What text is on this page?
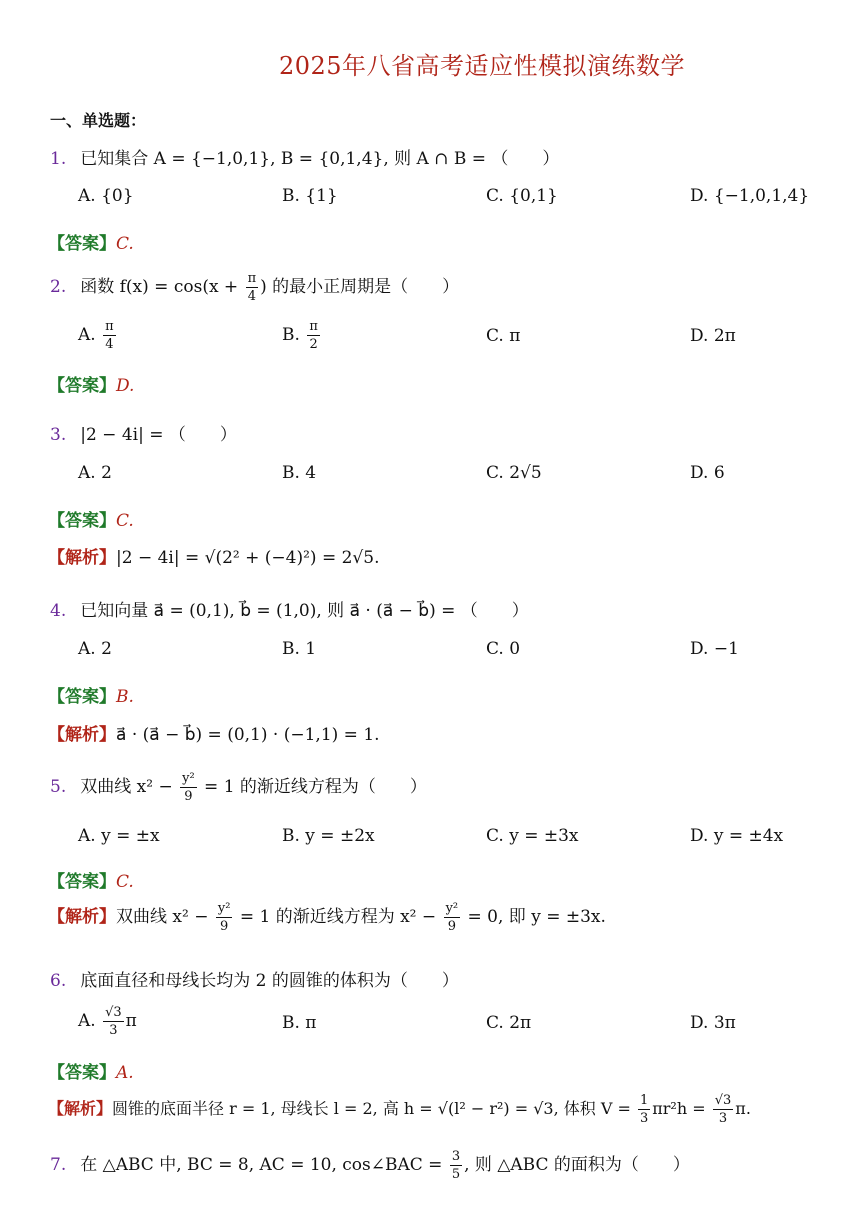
2025年八省高考适应性模拟演练数学
一、单选题：
1. 已知集合 A = {−1,0,1}, B = {0,1,4}, 则 A ∩ B = （　　）
A. {0}	B. {1}	C. {0,1}	D. {−1,0,1,4}
【答案】C.
2. 函数 $f(x) = \cos(x + \frac{\pi}{4}$ ) 的最小正周期是（　　）
A. $\frac{\pi}{4}$	B. $\frac{\pi}{2}$	C. π	D. 2π
【答案】D.
3. |2 − 4i| = （　　）
A. 2	B. 4	C. 2√5	D. 6
【答案】C.
【解析】|2 − 4i| = √(2² + (−4)²) = 2√5.
4. 已知向量 a⃗ = (0,1), b⃗ = (1,0), 则 a⃗ · (a⃗ − b⃗) = （　　）
A. 2	B. 1	C. 0	D. −1
【答案】B.
【解析】a⃗ · (a⃗ − b⃗) = (0,1) · (−1,1) = 1.
5. 双曲线 $x^2 - \frac{\text{y²}}{9} = 1$ 的渐近线方程为（　　）
A. y = ±x	B. y = ±2x	C. y = ±3x	D. y = ±4x
【答案】C.
【解析】双曲线 $x^2 - \frac{\text{y²}}{9} = 1$ 的渐近线方程为 $x^2 - \frac{\text{y²}}{9} = 0$, 即 y = ±3x.
6. 底面直径和母线长均为 2 的圆锥的体积为（　　）
A. $\frac{√3}{3}$ π	B. π	C. 2π	D. 3π
【答案】A.
【解析】圆锥的底面半径 r = 1, 母线长 l = 2, 高 h = √(l² − r²) = √3, 体积 $V = \frac{1}{3} \pi r^2h = \frac{√3}{3} \pi$.
7. 在 △ABC 中, BC = 8, AC = 10, cos∠BAC = $\frac{3}{5}$ , 则 △ABC 的面积为（　　）
